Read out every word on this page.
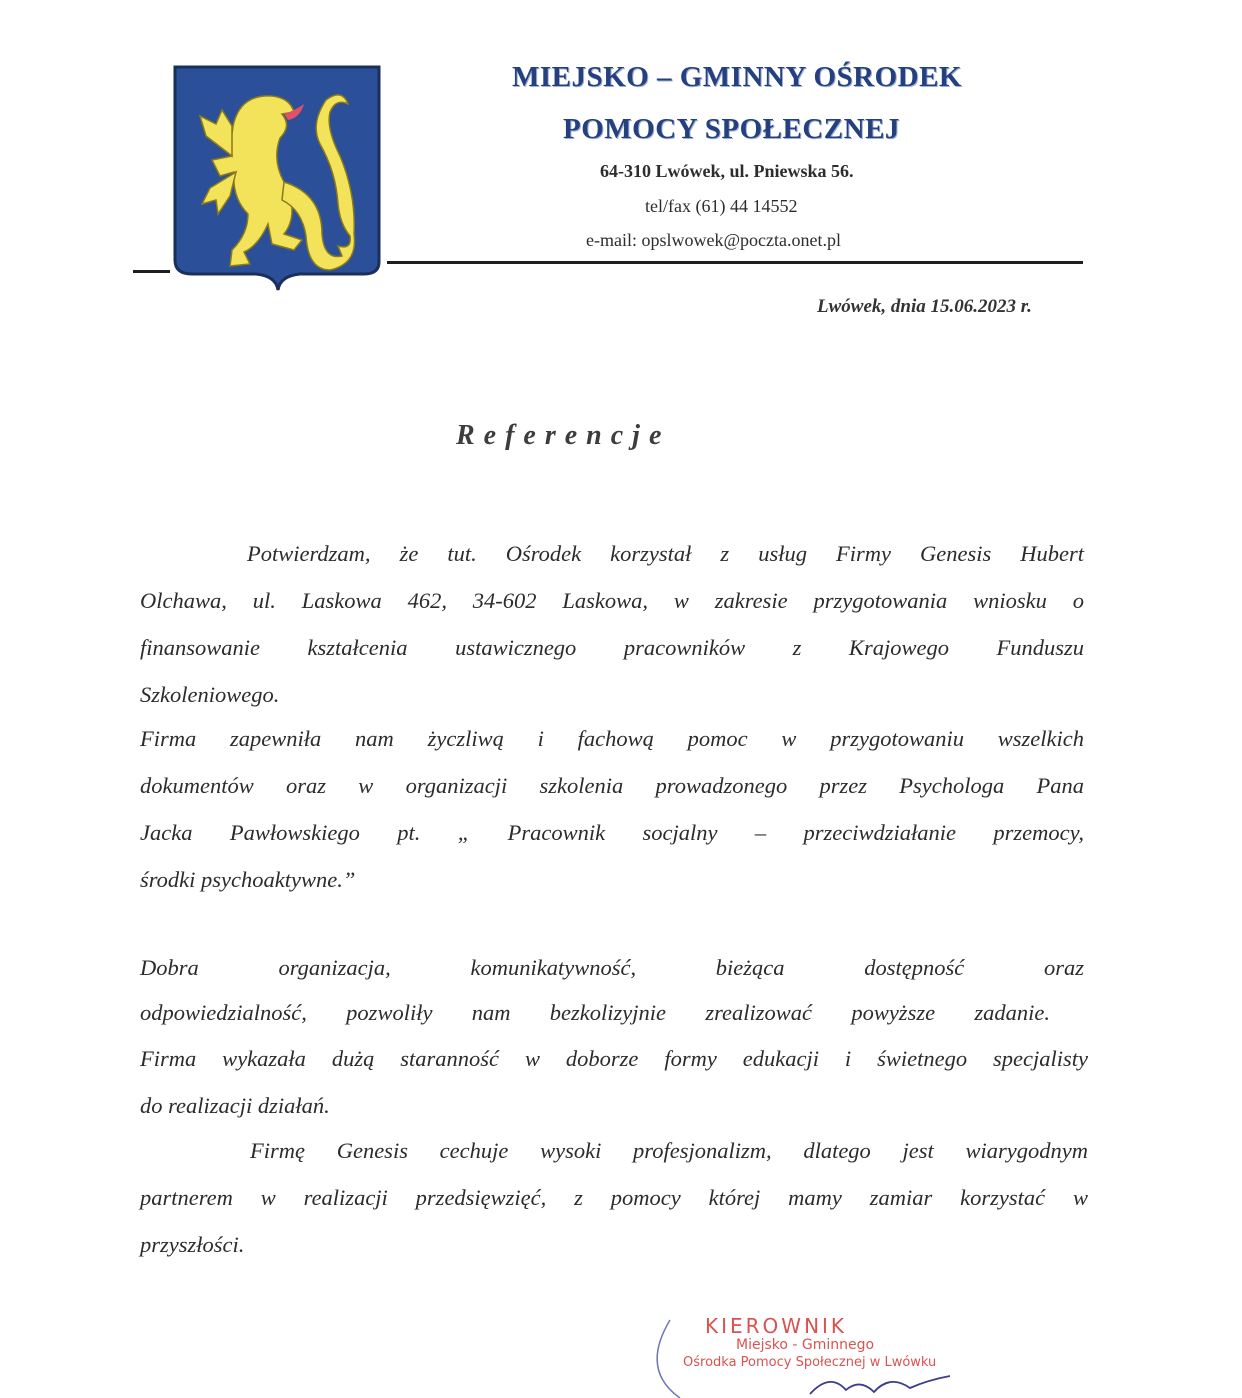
MIEJSKO – GMINNY OŚRODEK
POMOCY SPOŁECZNEJ
64-310 Lwówek, ul. Pniewska 56.
tel/fax (61) 44 14552
e-mail: opslwowek@poczta.onet.pl
Lwówek, dnia 15.06.2023 r.
Referencje
Potwierdzam, że tut. Ośrodek korzystał z usług Firmy Genesis Hubert
Olchawa, ul. Laskowa 462, 34-602 Laskowa, w zakresie przygotowania wniosku o
finansowanie kształcenia ustawicznego pracowników z Krajowego Funduszu
Szkoleniowego.
Firma zapewniła nam życzliwą i fachową pomoc w przygotowaniu wszelkich
dokumentów oraz w organizacji szkolenia prowadzonego przez Psychologa Pana
Jacka Pawłowskiego pt. „ Pracownik socjalny – przeciwdziałanie przemocy,
środki psychoaktywne.”
Dobra organizacja, komunikatywność, bieżąca dostępność oraz
odpowiedzialność, pozwoliły nam bezkolizyjnie zrealizować powyższe zadanie.
Firma wykazała dużą staranność w doborze formy edukacji i świetnego specjalisty
do realizacji działań.
Firmę Genesis cechuje wysoki profesjonalizm, dlatego jest wiarygodnym
partnerem w realizacji przedsięwzięć, z pomocy której mamy zamiar korzystać w
przyszłości.
KIEROWNIK
Miejsko - Gminnego
Ośrodka Pomocy Społecznej w Lwówku
